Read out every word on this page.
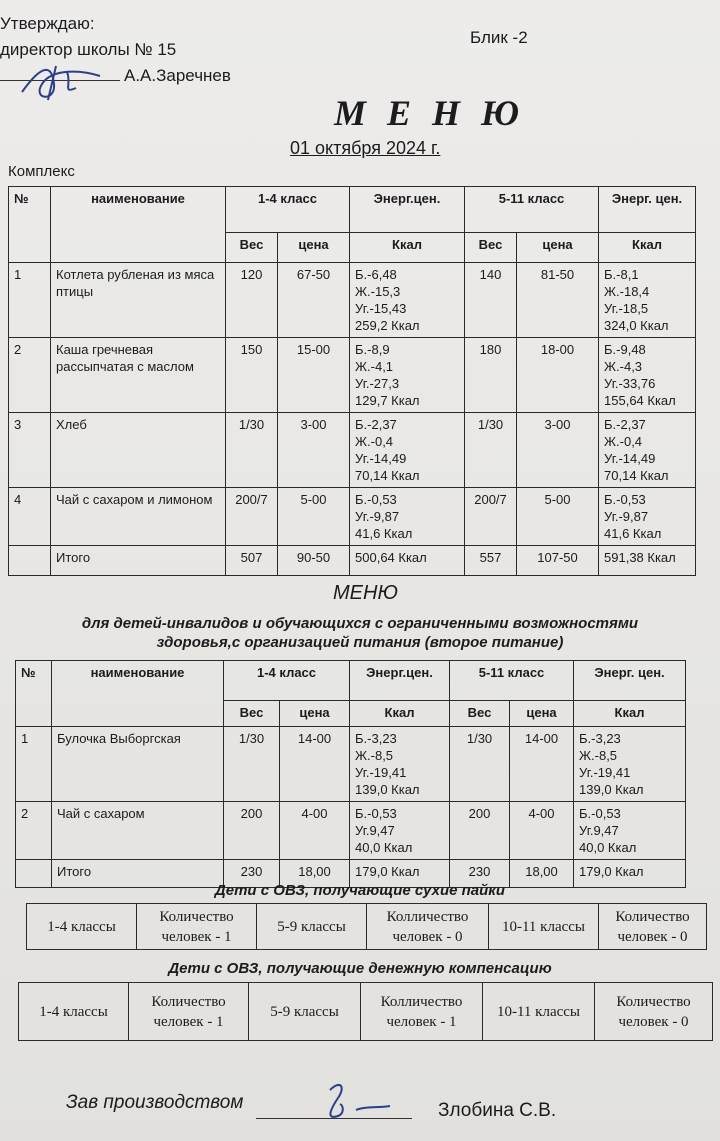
Утверждаю:
директор школы № 15
А.А.Заречнев
Блик -2
М Е Н Ю
01 октября 2024 г.
Комплекс
№	наименование	1-4 класс		Энерг.цен.	5-11 класс		Энерг. цен.
		Вес	цена	Ккал	Вес	цена	Ккал
1	Котлета рубленая из мяса птицы	120	67-50	Б.-6,48
Ж.-15,3
Уг.-15,43
259,2 Ккал	140	81-50	Б.-8,1
Ж.-18,4
Уг.-18,5
324,0 Ккал
2	Каша гречневая рассыпчатая с маслом	150	15-00	Б.-8,9
Ж.-4,1
Уг.-27,3
129,7 Ккал	180	18-00	Б.-9,48
Ж.-4,3
Уг.-33,76
155,64 Ккал
3	Хлеб	1/30	3-00	Б.-2,37
Ж.-0,4
Уг.-14,49
70,14 Ккал	1/30	3-00	Б.-2,37
Ж.-0,4
Уг.-14,49
70,14 Ккал
4	Чай с сахаром и лимоном	200/7	5-00	Б.-0,53
Уг.-9,87
41,6 Ккал	200/7	5-00	Б.-0,53
Уг.-9,87
41,6 Ккал
	Итого	507	90-50	500,64 Ккал	557	107-50	591,38 Ккал
МЕНЮ
для детей-инвалидов и обучающихся с ограниченными возможностями здоровья,с организацией питания (второе питание)
№	наименование	1-4 класс		Энерг.цен.	5-11 класс		Энерг. цен.
		Вес	цена	Ккал	Вес	цена	Ккал
1	Булочка Выборгская	1/30	14-00	Б.-3,23
Ж.-8,5
Уг.-19,41
139,0 Ккал	1/30	14-00	Б.-3,23
Ж.-8,5
Уг.-19,41
139,0 Ккал
2	Чай с сахаром	200	4-00	Б.-0,53
Уг.9,47
40,0 Ккал	200	4-00	Б.-0,53
Уг.9,47
40,0 Ккал
	Итого	230	18,00	179,0 Ккал	230	18,00	179,0 Ккал
Дети с ОВЗ, получающие сухие пайки
1-4 классы	Количество человек - 1	5-9 классы	Колличество человек - 0	10-11 классы	Количество человек - 0
Дети с ОВЗ, получающие денежную компенсацию
1-4 классы	Количество человек - 1	5-9 классы	Колличество человек - 1	10-11 классы	Количество человек - 0
Зав производством	Злобина С.В.
